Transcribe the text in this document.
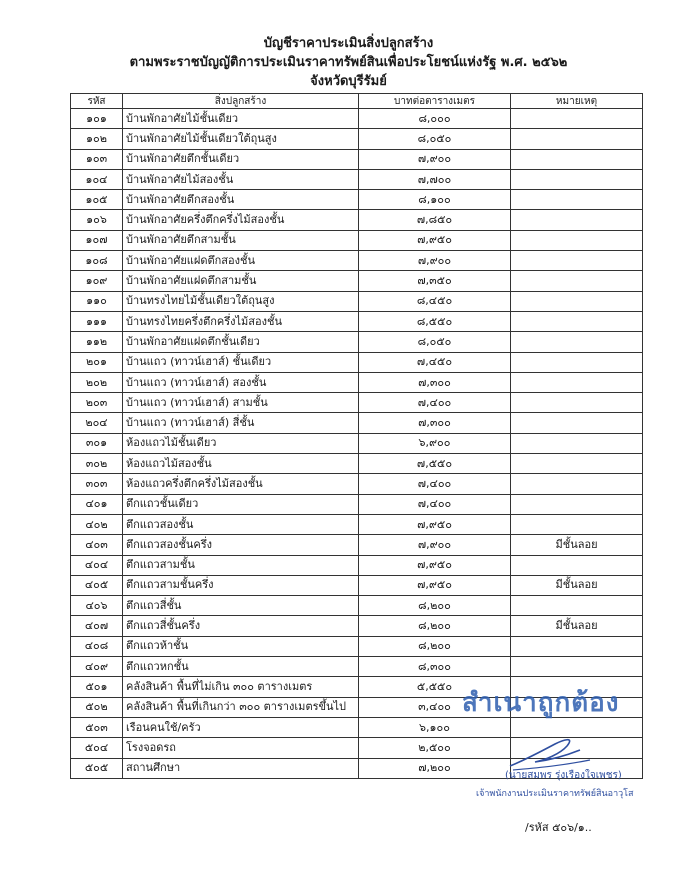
บัญชีราคาประเมินสิ่งปลูกสร้าง
ตามพระราชบัญญัติการประเมินราคาทรัพย์สินเพื่อประโยชน์แห่งรัฐ พ.ศ. ๒๕๖๒
จังหวัดบุรีรัมย์
รหัส	สิ่งปลูกสร้าง	บาทต่อตารางเมตร	หมายเหตุ
๑๐๑	บ้านพักอาศัยไม้ชั้นเดียว	๘,๐๐๐	
๑๐๒	บ้านพักอาศัยไม้ชั้นเดียวใต้ถุนสูง	๘,๐๕๐	
๑๐๓	บ้านพักอาศัยตึกชั้นเดียว	๗,๙๐๐	
๑๐๔	บ้านพักอาศัยไม้สองชั้น	๗,๗๐๐	
๑๐๕	บ้านพักอาศัยตึกสองชั้น	๘,๑๐๐	
๑๐๖	บ้านพักอาศัยครึ่งตึกครึ่งไม้สองชั้น	๗,๘๕๐	
๑๐๗	บ้านพักอาศัยตึกสามชั้น	๗,๙๕๐	
๑๐๘	บ้านพักอาศัยแฝดตึกสองชั้น	๗,๙๐๐	
๑๐๙	บ้านพักอาศัยแฝดตึกสามชั้น	๗,๓๕๐	
๑๑๐	บ้านทรงไทยไม้ชั้นเดียวใต้ถุนสูง	๘,๔๕๐	
๑๑๑	บ้านทรงไทยครึ่งตึกครึ่งไม้สองชั้น	๘,๕๕๐	
๑๑๒	บ้านพักอาศัยแฝดตึกชั้นเดียว	๘,๐๕๐	
๒๐๑	บ้านแถว (ทาวน์เฮาส์) ชั้นเดียว	๗,๔๕๐	
๒๐๒	บ้านแถว (ทาวน์เฮาส์) สองชั้น	๗,๓๐๐	
๒๐๓	บ้านแถว (ทาวน์เฮาส์) สามชั้น	๗,๔๐๐	
๒๐๔	บ้านแถว (ทาวน์เฮาส์) สี่ชั้น	๗,๓๐๐	
๓๐๑	ห้องแถวไม้ชั้นเดียว	๖,๙๐๐	
๓๐๒	ห้องแถวไม้สองชั้น	๗,๕๕๐	
๓๐๓	ห้องแถวครึ่งตึกครึ่งไม้สองชั้น	๗,๔๐๐	
๔๐๑	ตึกแถวชั้นเดียว	๗,๔๐๐	
๔๐๒	ตึกแถวสองชั้น	๗,๙๕๐	
๔๐๓	ตึกแถวสองชั้นครึ่ง	๗,๙๐๐	มีชั้นลอย
๔๐๔	ตึกแถวสามชั้น	๗,๙๕๐	
๔๐๕	ตึกแถวสามชั้นครึ่ง	๗,๙๕๐	มีชั้นลอย
๔๐๖	ตึกแถวสี่ชั้น	๘,๒๐๐	
๔๐๗	ตึกแถวสี่ชั้นครึ่ง	๘,๒๐๐	มีชั้นลอย
๔๐๘	ตึกแถวห้าชั้น	๘,๒๐๐	
๔๐๙	ตึกแถวหกชั้น	๘,๓๐๐	
๕๐๑	คลังสินค้า พื้นที่ไม่เกิน ๓๐๐ ตารางเมตร	๕,๕๕๐	
๕๐๒	คลังสินค้า พื้นที่เกินกว่า ๓๐๐ ตารางเมตรขึ้นไป	๓,๔๐๐	
๕๐๓	เรือนคนใช้/ครัว	๖,๑๐๐	
๕๐๔	โรงจอดรถ	๒,๕๐๐	
๕๐๕	สถานศึกษา	๗,๒๐๐	
สำเนาถูกต้อง
(นายสมพร รุ่งเรืองใจเพชร)
เจ้าพนักงานประเมินราคาทรัพย์สินอาวุโส
/รหัส ๕๐๖/๑..
